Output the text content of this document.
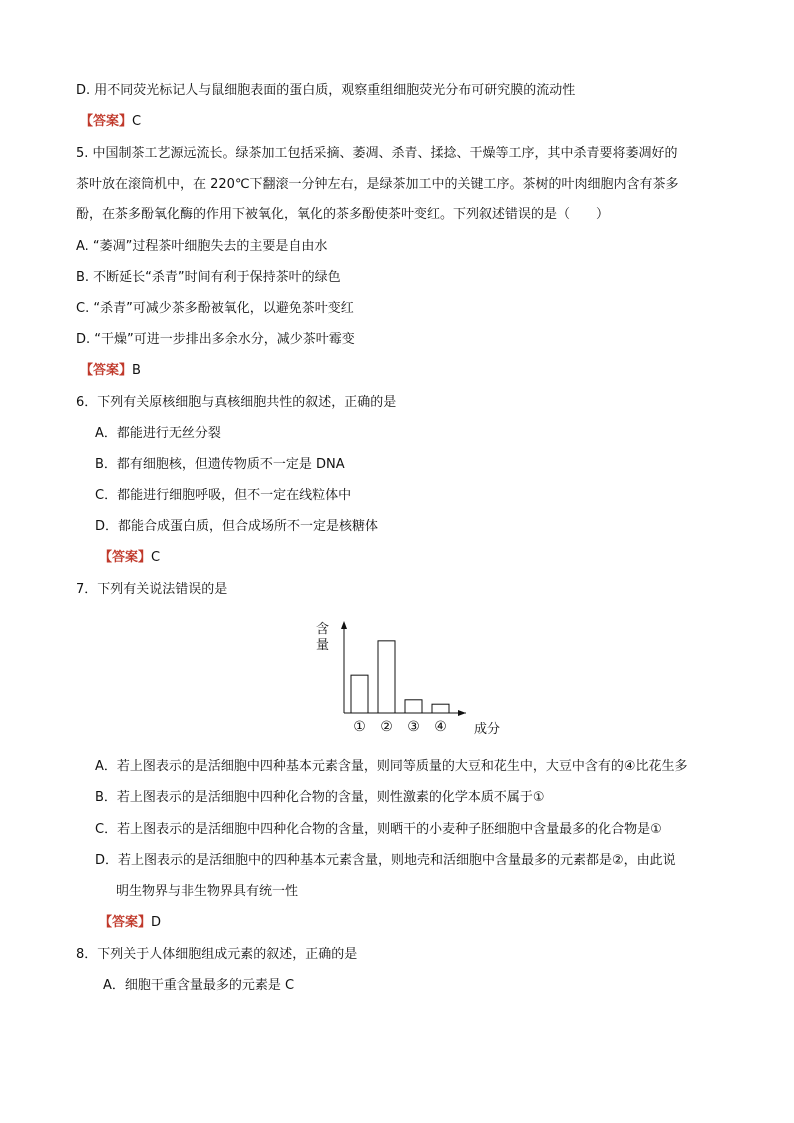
D. 用不同荧光标记人与鼠细胞表面的蛋白质，观察重组细胞荧光分布可研究膜的流动性
【答案】C
5. 中国制茶工艺源远流长。绿茶加工包括采摘、萎凋、杀青、揉捻、干燥等工序，其中杀青要将萎凋好的
茶叶放在滚筒机中，在 220℃下翻滚一分钟左右，是绿茶加工中的关键工序。茶树的叶肉细胞内含有茶多
酚，在茶多酚氧化酶的作用下被氧化，氧化的茶多酚使茶叶变红。下列叙述错误的是（　　）
A. “萎凋”过程茶叶细胞失去的主要是自由水
B. 不断延长“杀青”时间有利于保持茶叶的绿色
C. “杀青”可减少茶多酚被氧化，以避免茶叶变红
D. “干燥”可进一步排出多余水分，减少茶叶霉变
【答案】B
6．下列有关原核细胞与真核细胞共性的叙述，正确的是
A．都能进行无丝分裂
B．都有细胞核，但遗传物质不一定是 DNA
C．都能进行细胞呼吸，但不一定在线粒体中
D．都能合成蛋白质，但合成场所不一定是核糖体
【答案】C
7．下列有关说法错误的是
含量
① ② ③ ④ 成分
A．若上图表示的是活细胞中四种基本元素含量，则同等质量的大豆和花生中，大豆中含有的④比花生多
B．若上图表示的是活细胞中四种化合物的含量，则性激素的化学本质不属于①
C．若上图表示的是活细胞中四种化合物的含量，则晒干的小麦种子胚细胞中含量最多的化合物是①
D．若上图表示的是活细胞中的四种基本元素含量，则地壳和活细胞中含量最多的元素都是②，由此说
明生物界与非生物界具有统一性
【答案】D
8．下列关于人体细胞组成元素的叙述，正确的是
A．细胞干重含量最多的元素是 C
